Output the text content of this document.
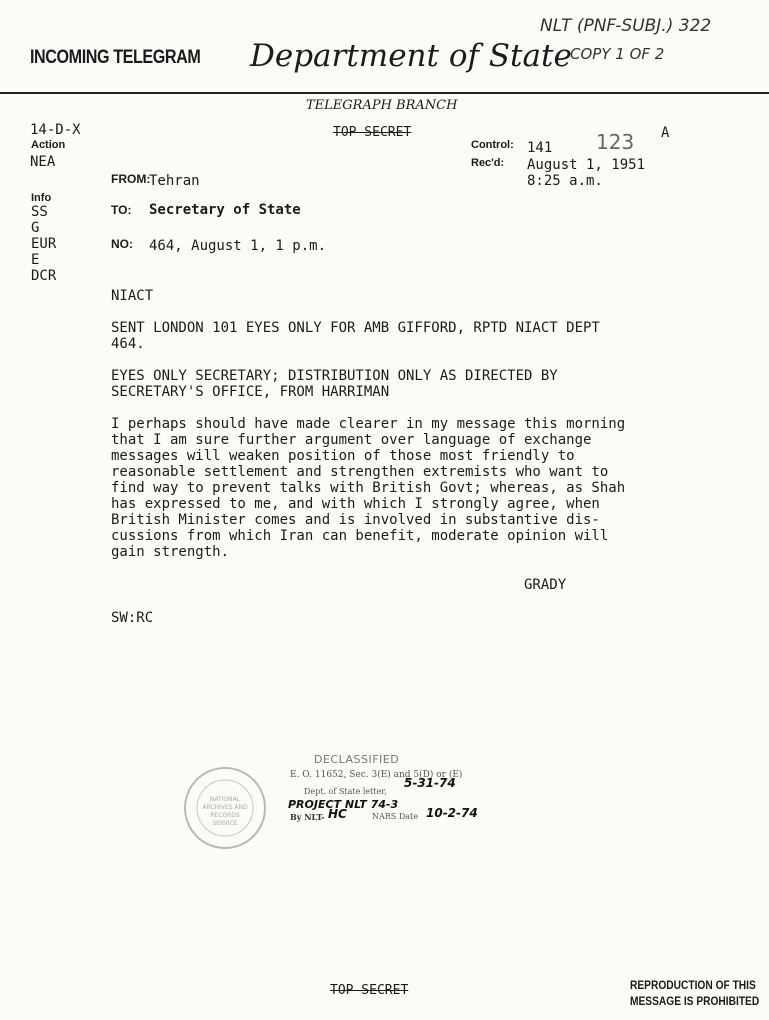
INCOMING TELEGRAM Department of State
NLT (PNF-SUBJ.) 322
COPY 1 OF 2
TELEGRAPH BRANCH
TOP SECRET
14-D-X
Action
NEA
Info
SS
G
EUR
E
DCR
Control: 141 123 A
Rec'd: August 1, 1951
8:25 a.m.
FROM:
Tehran
TO: Secretary of State
NO: 464, August 1, 1 p.m.
NIACT
SENT LONDON 101 EYES ONLY FOR AMB GIFFORD, RPTD NIACT DEPT
464.
EYES ONLY SECRETARY; DISTRIBUTION ONLY AS DIRECTED BY
SECRETARY'S OFFICE, FROM HARRIMAN
I perhaps should have made clearer in my message this morning
that I am sure further argument over language of exchange
messages will weaken position of those most friendly to
reasonable settlement and strengthen extremists who want to
find way to prevent talks with British Govt; whereas, as Shah
has expressed to me, and with which I strongly agree, when
British Minister comes and is involved in substantive dis-
cussions from which Iran can benefit, moderate opinion will
gain strength.
GRADY
SW:RC
NATIONAL
ARCHIVES AND
RECORDS
SERVICE
DECLASSIFIED
E. O. 11652, Sec. 3(E) and 5(D) or (E)
Dept. of State letter,
5-31-74
PROJECT NLT 74-3
By NLT- HC	NARS Date 10-2-74
TOP SECRET	REPRODUCTION OF THIS
MESSAGE IS PROHIBITED
